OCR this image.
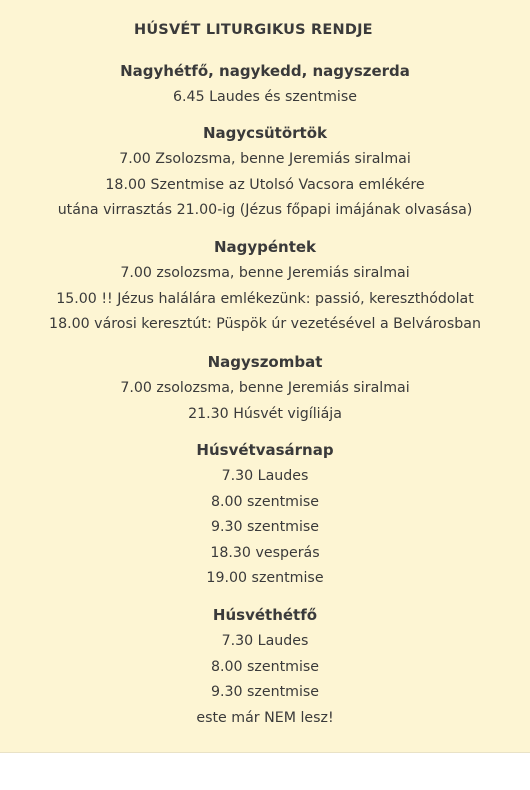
HÚSVÉT LITURGIKUS RENDJE
Nagyhétfő, nagykedd, nagyszerda
6.45 Laudes és szentmise
Nagycsütörtök
7.00 Zsolozsma, benne Jeremiás siralmai
18.00 Szentmise az Utolsó Vacsora emlékére
utána virrasztás 21.00-ig (Jézus főpapi imájának olvasása)
Nagypéntek
7.00 zsolozsma, benne Jeremiás siralmai
15.00 !! Jézus halálára emlékezünk: passió, kereszthódolat
18.00 városi keresztút: Püspök úr vezetésével a Belvárosban
Nagyszombat
7.00 zsolozsma, benne Jeremiás siralmai
21.30 Húsvét vigíliája
Húsvétvasárnap
7.30 Laudes
8.00 szentmise
9.30 szentmise
18.30 vesperás
19.00 szentmise
Húsvéthétfő
7.30 Laudes
8.00 szentmise
9.30 szentmise
este már NEM lesz!
